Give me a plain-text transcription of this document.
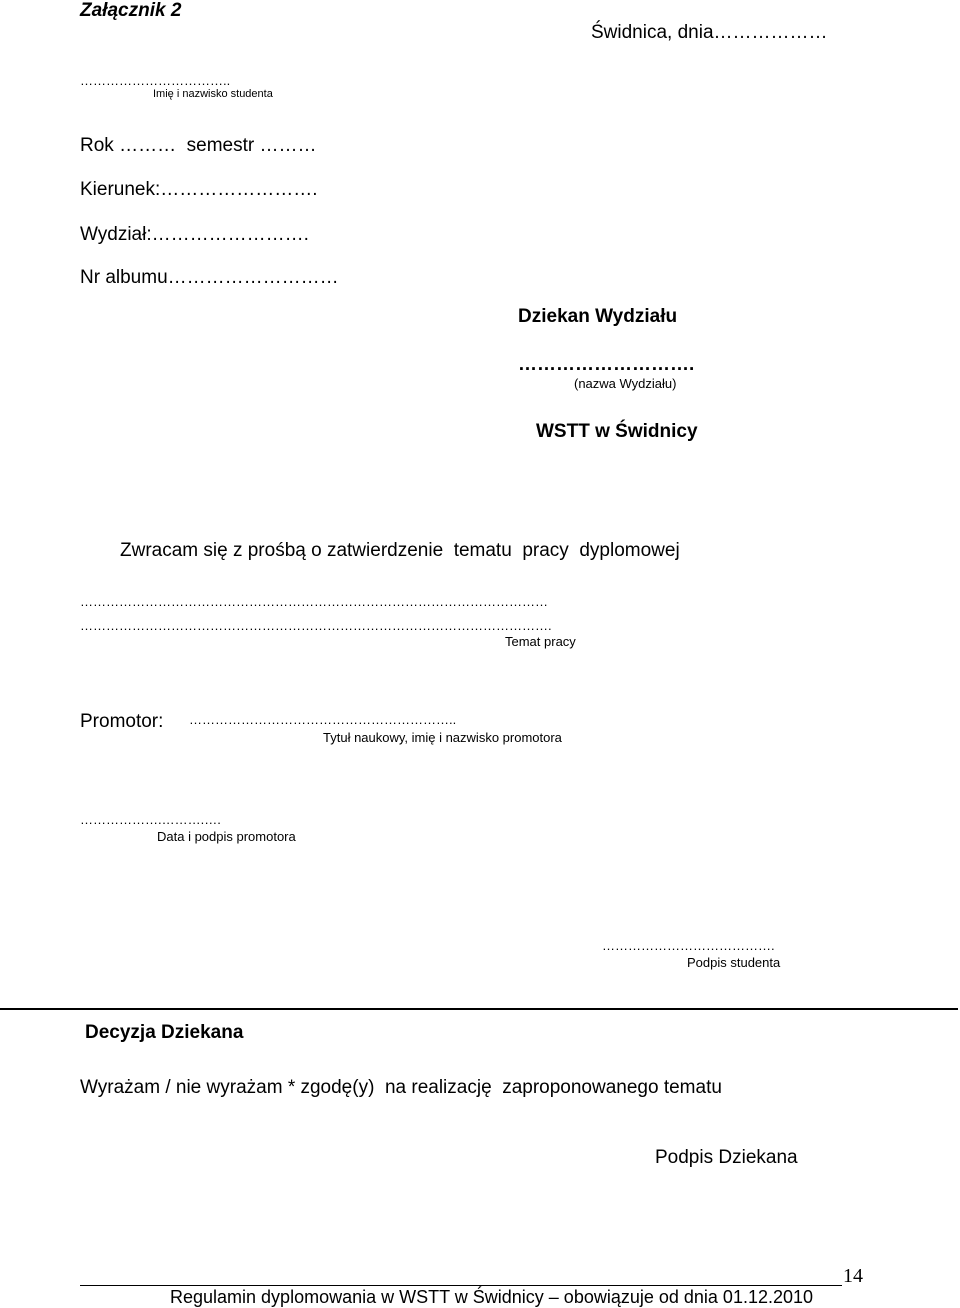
Załącznik 2
Świdnica, dnia………………
……………………………..
Imię i nazwisko studenta
Rok ………  semestr ………
Kierunek:…………………….
Wydział:…………………….
Nr albumu………………………
Dziekan Wydziału
……………………….
(nazwa Wydziału)
WSTT w Świdnicy
Zwracam się z prośbą o zatwierdzenie  tematu  pracy  dyplomowej
………………………………………………………………………………………………
……………………………………………………………………………………………….
Temat pracy
Promotor: ……………………………………………………..
Tytuł naukowy, imię i nazwisko promotora
……………….……….….
Data i podpis promotora
………………………………….
Podpis studenta
Decyzja Dziekana
Wyrażam / nie wyrażam * zgodę(y)  na realizację  zaproponowanego tematu
Podpis Dziekana
14
Regulamin dyplomowania w WSTT w Świdnicy – obowiązuje od dnia 01.12.2010
